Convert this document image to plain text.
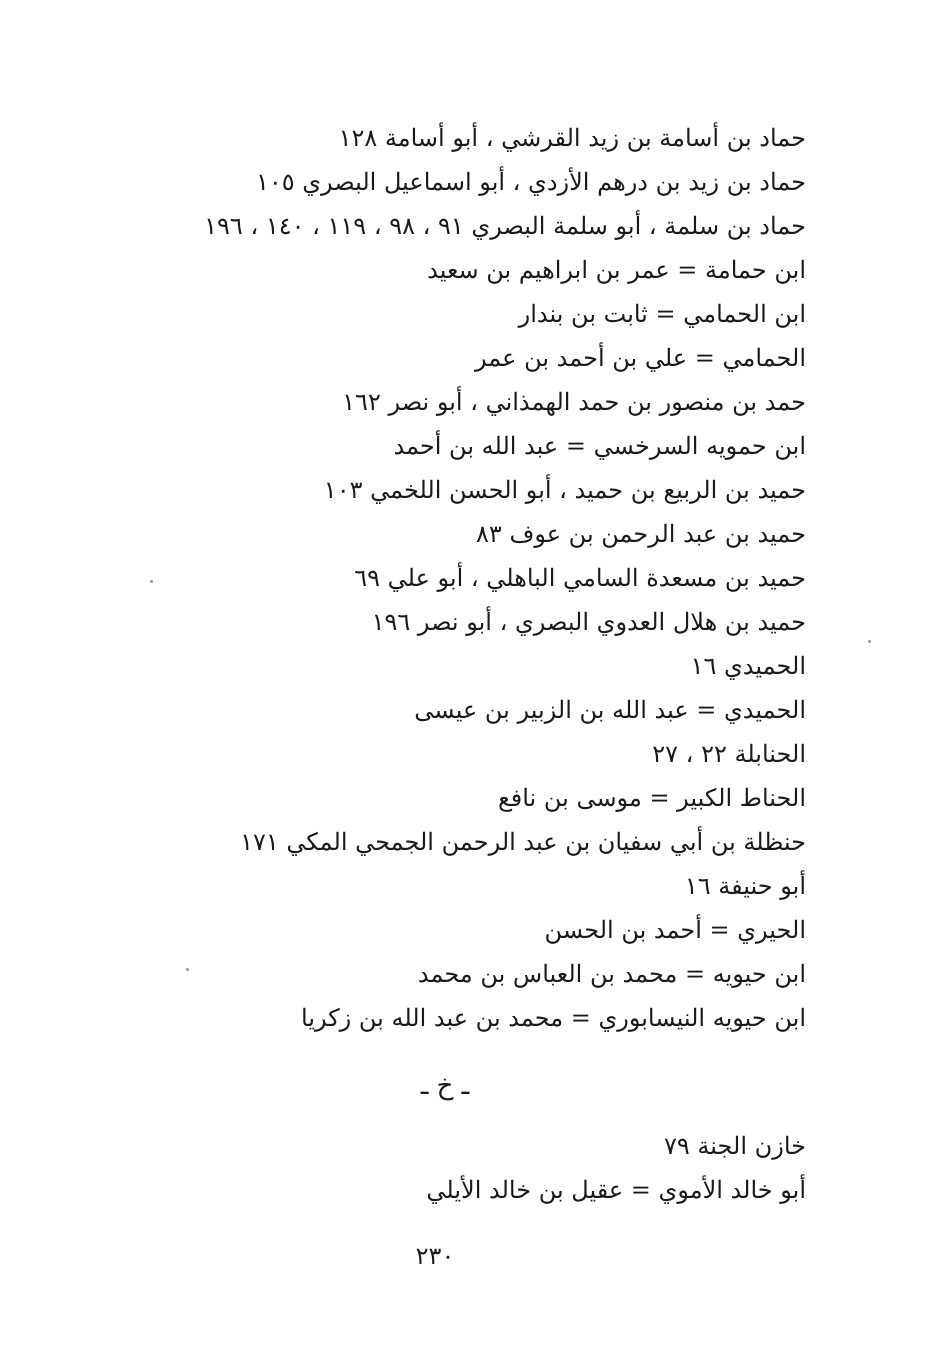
حماد بن أسامة بن زيد القرشي ، أبو أسامة ١٢٨
حماد بن زيد بن درهم الأزدي ، أبو اسماعيل البصري ١٠٥
حماد بن سلمة ، أبو سلمة البصري ٩١ ، ٩٨ ، ١١٩ ، ١٤٠ ، ١٩٦
ابن حمامة = عمر بن ابراهيم بن سعيد
ابن الحمامي = ثابت بن بندار
الحمامي = علي بن أحمد بن عمر
حمد بن منصور بن حمد الهمذاني ، أبو نصر ١٦٢
ابن حمويه السرخسي = عبد الله بن أحمد
حميد بن الربيع بن حميد ، أبو الحسن اللخمي ١٠٣
حميد بن عبد الرحمن بن عوف ٨٣
حميد بن مسعدة السامي الباهلي ، أبو علي ٦٩
حميد بن هلال العدوي البصري ، أبو نصر ١٩٦
الحميدي ١٦
الحميدي = عبد الله بن الزبير بن عيسى
الحنابلة ٢٢ ، ٢٧
الحناط الكبير = موسى بن نافع
حنظلة بن أبي سفيان بن عبد الرحمن الجمحي المكي ١٧١
أبو حنيفة ١٦
الحيري = أحمد بن الحسن
ابن حيويه = محمد بن العباس بن محمد
ابن حيويه النيسابوري = محمد بن عبد الله بن زكريا
ـ خ ـ
خازن الجنة ٧٩
أبو خالد الأموي = عقيل بن خالد الأيلي
٢٣٠
